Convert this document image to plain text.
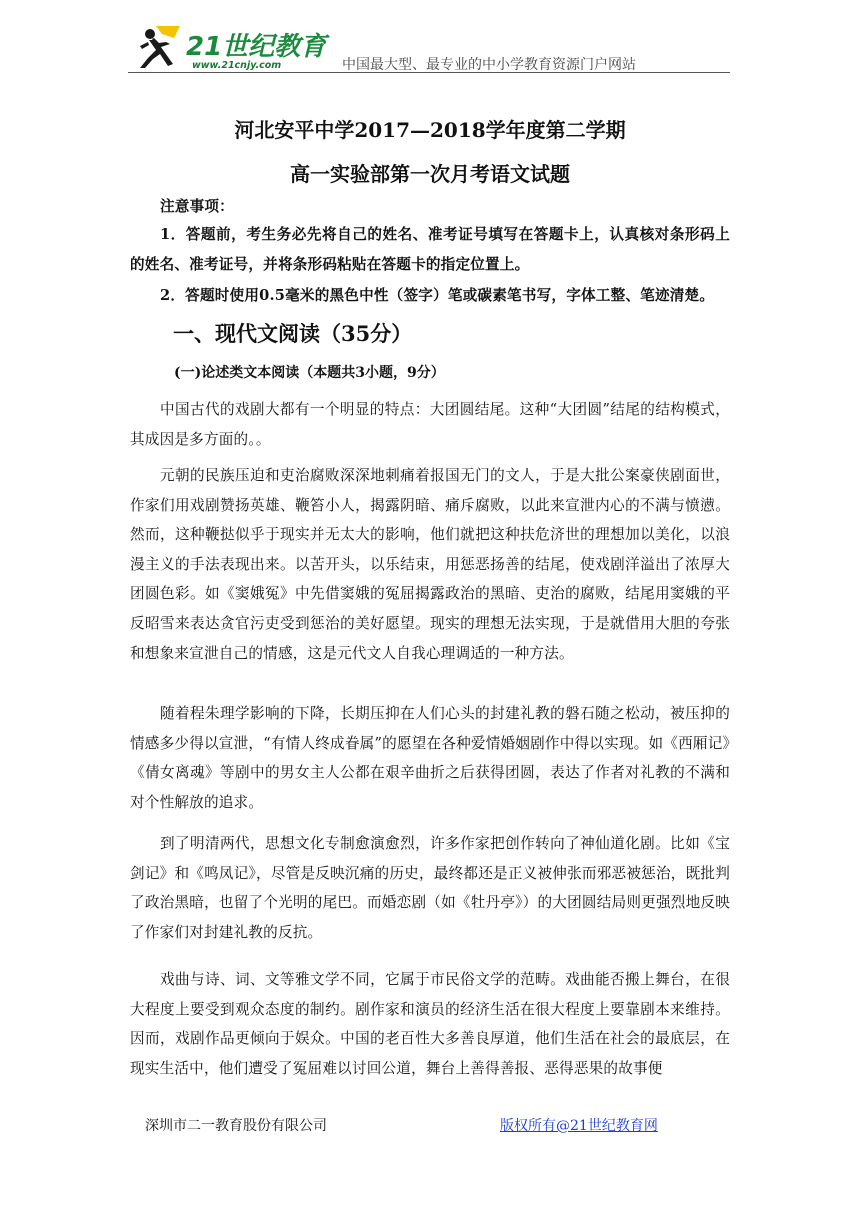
21世纪教育
www.21cnjy.com	中国最大型、最专业的中小学教育资源门户网站
河北安平中学2017—2018学年度第二学期
高一实验部第一次月考语文试题
注意事项：
1．答题前，考生务必先将自己的姓名、准考证号填写在答题卡上，认真核对条形码上的姓名、准考证号，并将条形码粘贴在答题卡的指定位置上。
2．答题时使用0.5毫米的黑色中性（签字）笔或碳素笔书写，字体工整、笔迹清楚。
一、现代文阅读（35分）
(一)论述类文本阅读（本题共3小题，9分）
中国古代的戏剧大都有一个明显的特点：大团圆结尾。这种“大团圆”结尾的结构模式，其成因是多方面的。。
元朝的民族压迫和吏治腐败深深地刺痛着报国无门的文人，于是大批公案豪侠剧面世，作家们用戏剧赞扬英雄、鞭笞小人，揭露阴暗、痛斥腐败，以此来宣泄内心的不满与愤懑。然而，这种鞭挞似乎于现实并无太大的影响，他们就把这种扶危济世的理想加以美化，以浪漫主义的手法表现出来。以苦开头，以乐结束，用惩恶扬善的结尾，使戏剧洋溢出了浓厚大团圆色彩。如《窦娥冤》中先借窦娥的冤屈揭露政治的黑暗、吏治的腐败，结尾用窦娥的平反昭雪来表达贪官污吏受到惩治的美好愿望。现实的理想无法实现，于是就借用大胆的夸张和想象来宣泄自己的情感，这是元代文人自我心理调适的一种方法。
随着程朱理学影响的下降，长期压抑在人们心头的封建礼教的磐石随之松动，被压抑的情感多少得以宣泄，“有情人终成眷属”的愿望在各种爱情婚姻剧作中得以实现。如《西厢记》《倩女离魂》等剧中的男女主人公都在艰辛曲折之后获得团圆，表达了作者对礼教的不满和对个性解放的追求。
到了明清两代，思想文化专制愈演愈烈，许多作家把创作转向了神仙道化剧。比如《宝剑记》和《鸣凤记》，尽管是反映沉痛的历史，最终都还是正义被伸张而邪恶被惩治，既批判了政治黑暗，也留了个光明的尾巴。而婚恋剧（如《牡丹亭》）的大团圆结局则更强烈地反映了作家们对封建礼教的反抗。
戏曲与诗、词、文等雅文学不同，它属于市民俗文学的范畴。戏曲能否搬上舞台，在很大程度上要受到观众态度的制约。剧作家和演员的经济生活在很大程度上要靠剧本来维持。因而，戏剧作品更倾向于娱众。中国的老百性大多善良厚道，他们生活在社会的最底层，在现实生活中，他们遭受了冤屈难以讨回公道，舞台上善得善报、恶得恶果的故事便
深圳市二一教育股份有限公司	版权所有@21世纪教育网
